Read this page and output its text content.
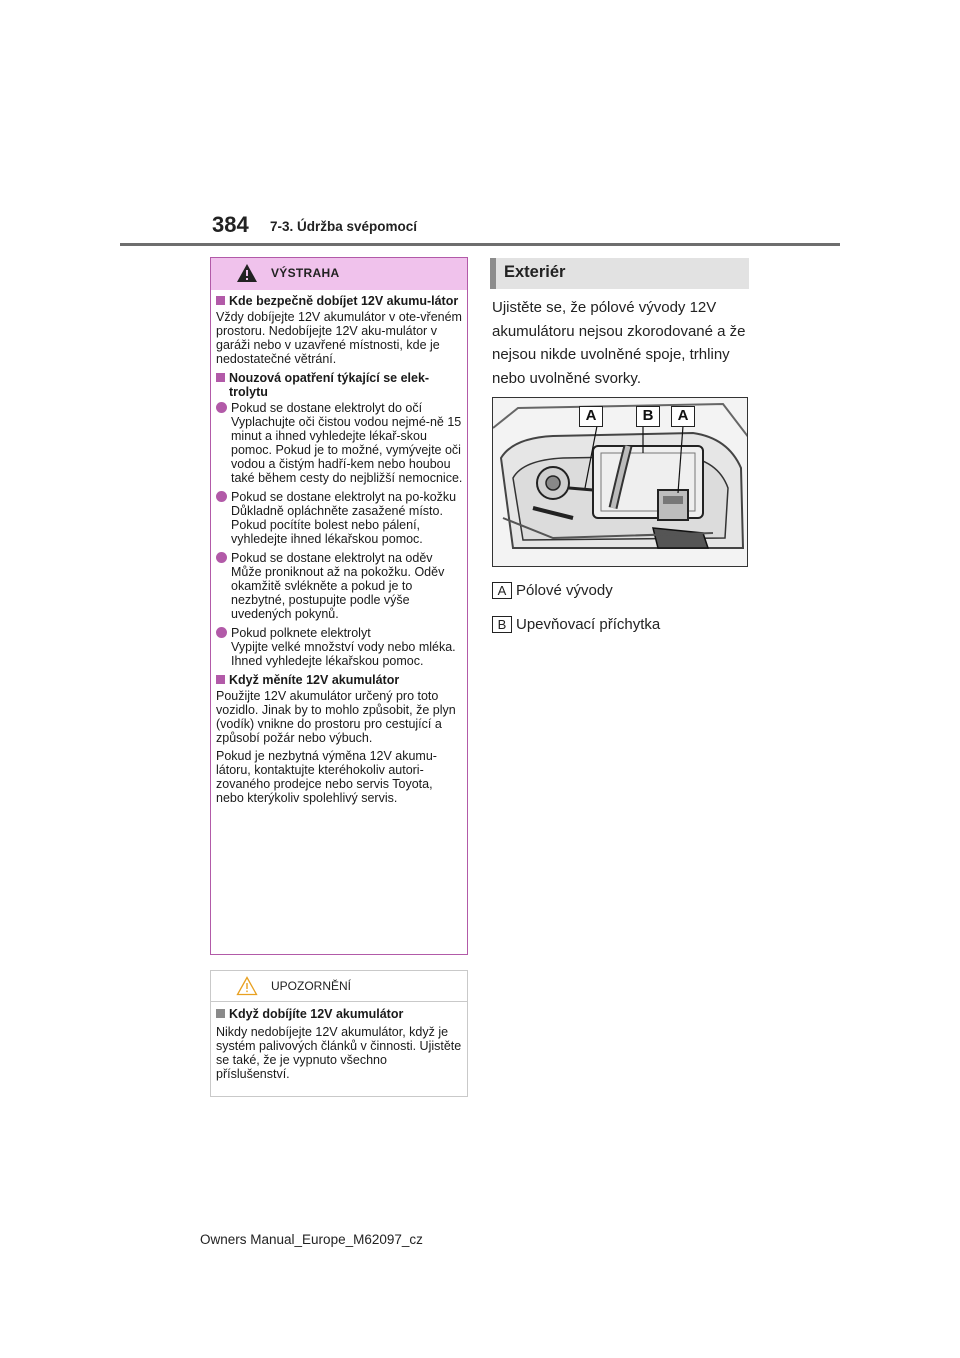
384 7-3. Údržba svépomocí
VÝSTRAHA
Kde bezpečně dobíjet 12V akumu-látor

Vždy dobíjejte 12V akumulátor v ote-vřeném prostoru. Nedobíjejte 12V aku-mulátor v garáži nebo v uzavřené místnosti, kde je nedostatečné větrání.

Nouzová opatření týkající se elek-trolytu
Pokud se dostane elektrolyt do očí
Vyplachujte oči čistou vodou nejmé-ně 15 minut a ihned vyhledejte lékař-skou pomoc. Pokud je to možné, vymývejte oči vodou a čistým hadří-kem nebo houbou také během cesty do nejbližší nemocnice.
Pokud se dostane elektrolyt na po-kožku
Důkladně opláchněte zasažené místo. Pokud pocítíte bolest nebo pálení, vyhledejte ihned lékařskou pomoc.
Pokud se dostane elektrolyt na oděv
Může proniknout až na pokožku. Oděv okamžitě svlékněte a pokud je to nezbytné, postupujte podle výše uvedených pokynů.
Pokud polknete elektrolyt
Vypijte velké množství vody nebo mléka. Ihned vyhledejte lékařskou pomoc.
Když měníte 12V akumulátor

Použijte 12V akumulátor určený pro toto vozidlo. Jinak by to mohlo způsobit, že plyn (vodík) vnikne do prostoru pro cestující a způsobí požár nebo výbuch.

Pokud je nezbytná výměna 12V akumu-látoru, kontaktujte kteréhokoliv autori-zovaného prodejce nebo servis Toyota, nebo kterýkoliv spolehlivý servis.

UPOZORNĚNÍ
Když dobíjíte 12V akumulátor

Nikdy nedobíjejte 12V akumulátor, když je systém palivových článků v činnosti. Ujistěte se také, že je vypnuto všechno příslušenství.

Exteriér
Ujistěte se, že pólové vývody 12V akumulátoru nejsou zkorodované a že nejsou nikde uvolněné spoje, trhliny nebo uvolněné svorky.
A	B	A
A Pólové vývody
B Upevňovací příchytka
Owners Manual_Europe_M62097_cz
